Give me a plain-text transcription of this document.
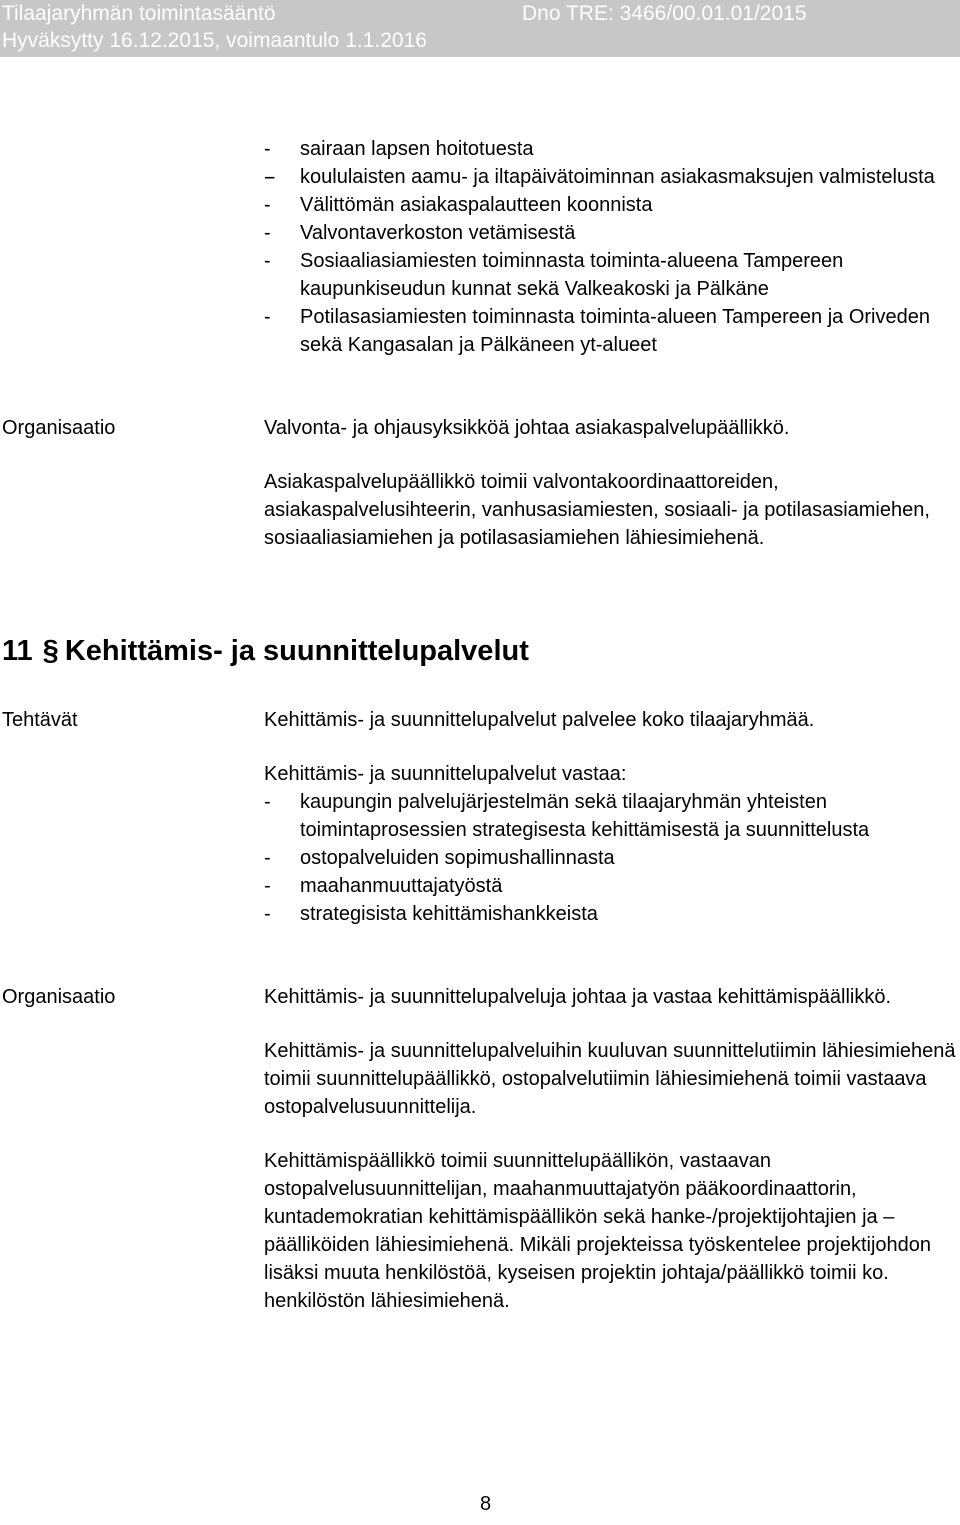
Tilaajaryhmän toimintasääntö
Hyväksytty 16.12.2015, voimaantulo 1.1.2016
Dno TRE: 3466/00.01.01/2015
- sairaan lapsen hoitotuesta
-- koululaisten aamu- ja iltapäivätoiminnan asiakasmaksujen valmistelusta
- Välittömän asiakaspalautteen koonnista
- Valvontaverkoston vetämisestä
- Sosiaaliasiamiesten toiminnasta toiminta-alueena Tampereen kaupunkiseudun kunnat sekä Valkeakoski ja Pälkäne
- Potilasasiamiesten toiminnasta toiminta-alueen Tampereen ja Oriveden sekä Kangasalan ja Pälkäneen yt-alueet
Organisaatio	Valvonta- ja ohjausyksikköä johtaa asiakaspalvelupäällikkö.

Asiakaspalvelupäällikkö toimii valvontakoordinaattoreiden, asiakaspalvelusihteerin, vanhusasiamiesten, sosiaali- ja potilasasiamiehen, sosiaaliasiamiehen ja potilasasiamiehen lähiesimiehenä.

11 § Kehittämis- ja suunnittelupalvelut
Tehtävät	Kehittämis- ja suunnittelupalvelut palvelee koko tilaajaryhmää.

Kehittämis- ja suunnittelupalvelut vastaa:

- kaupungin palvelujärjestelmän sekä tilaajaryhmän yhteisten toimintaprosessien strategisesta kehittämisestä ja suunnittelusta
- ostopalveluiden sopimushallinnasta
- maahanmuuttajatyöstä
- strategisista kehittämishankkeista
Organisaatio	Kehittämis- ja suunnittelupalveluja johtaa ja vastaa kehittämispäällikkö.

Kehittämis- ja suunnittelupalveluihin kuuluvan suunnittelutiimin lähiesimiehenä toimii suunnittelupäällikkö, ostopalvelutiimin lähiesimiehenä toimii vastaava ostopalvelusuunnittelija.

Kehittämispäällikkö toimii suunnittelupäällikön, vastaavan ostopalvelusuunnittelijan, maahanmuuttajatyön pääkoordinaattorin, kuntademokratian kehittämispäällikön sekä hanke-/projektijohtajien ja –päälliköiden lähiesimiehenä. Mikäli projekteissa työskentelee projektijohdon lisäksi muuta henkilöstöä, kyseisen projektin johtaja/päällikkö toimii ko. henkilöstön lähiesimiehenä.

8
